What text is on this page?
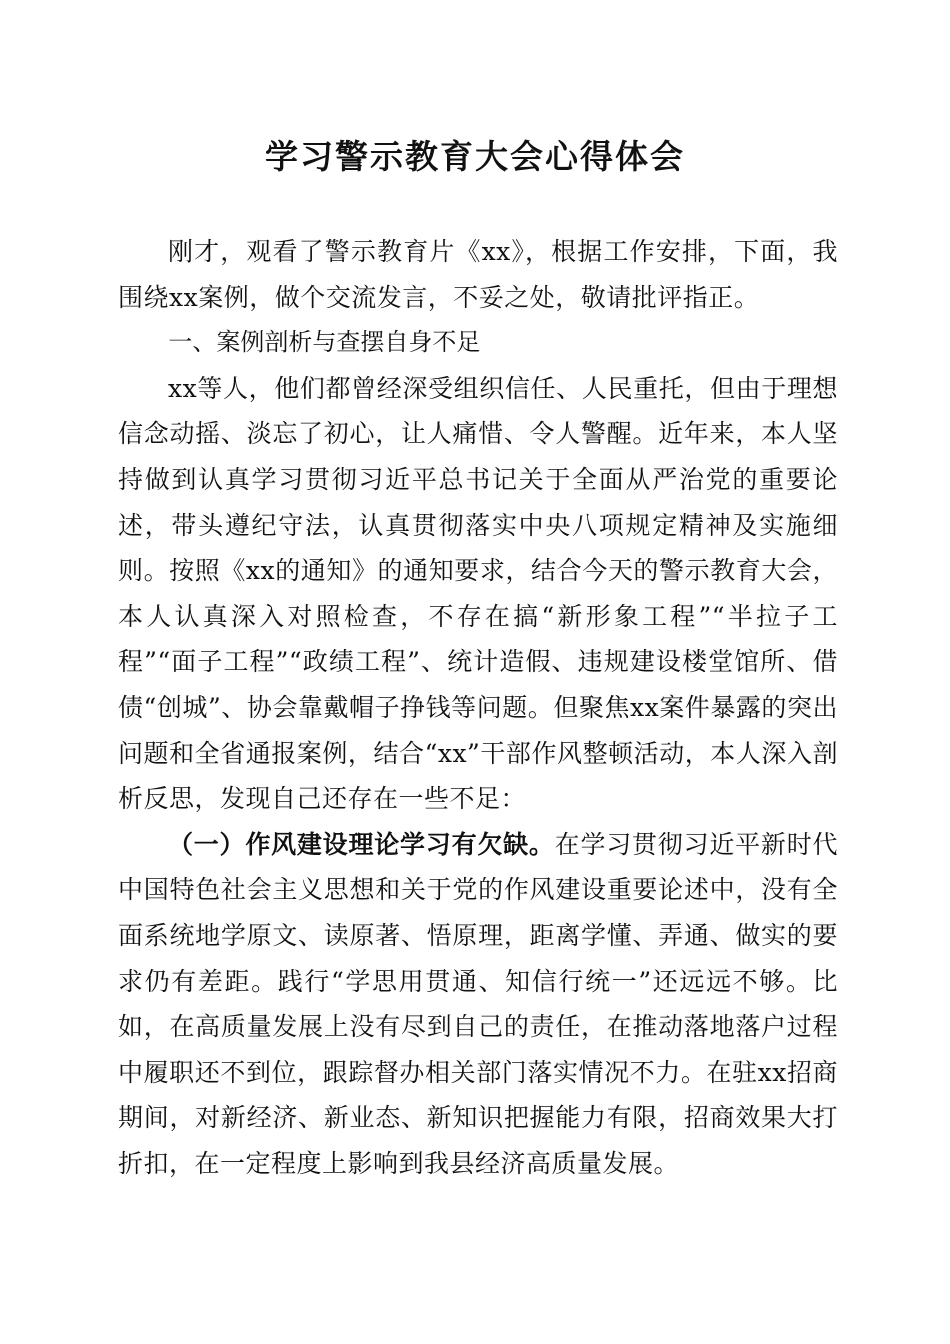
学习警示教育大会心得体会

刚才，观看了警示教育片《xx》，根据工作安排，下面，我围绕xx案例，做个交流发言，不妥之处，敬请批评指正。

一、案例剖析与查摆自身不足

xx等人，他们都曾经深受组织信任、人民重托，但由于理想信念动摇、淡忘了初心，让人痛惜、令人警醒。近年来，本人坚持做到认真学习贯彻习近平总书记关于全面从严治党的重要论述，带头遵纪守法，认真贯彻落实中央八项规定精神及实施细则。按照《xx的通知》的通知要求，结合今天的警示教育大会，本人认真深入对照检查，不存在搞“新形象工程”“半拉子工程”“面子工程”“政绩工程”、统计造假、违规建设楼堂馆所、借债“创城”、协会靠戴帽子挣钱等问题。但聚焦xx案件暴露的突出问题和全省通报案例，结合“xx”干部作风整顿活动，本人深入剖析反思，发现自己还存在一些不足：

（一）作风建设理论学习有欠缺。在学习贯彻习近平新时代中国特色社会主义思想和关于党的作风建设重要论述中，没有全面系统地学原文、读原著、悟原理，距离学懂、弄通、做实的要求仍有差距。践行“学思用贯通、知信行统一”还远远不够。比如，在高质量发展上没有尽到自己的责任，在推动落地落户过程中履职还不到位，跟踪督办相关部门落实情况不力。在驻xx招商期间，对新经济、新业态、新知识把握能力有限，招商效果大打折扣，在一定程度上影响到我县经济高质量发展。
